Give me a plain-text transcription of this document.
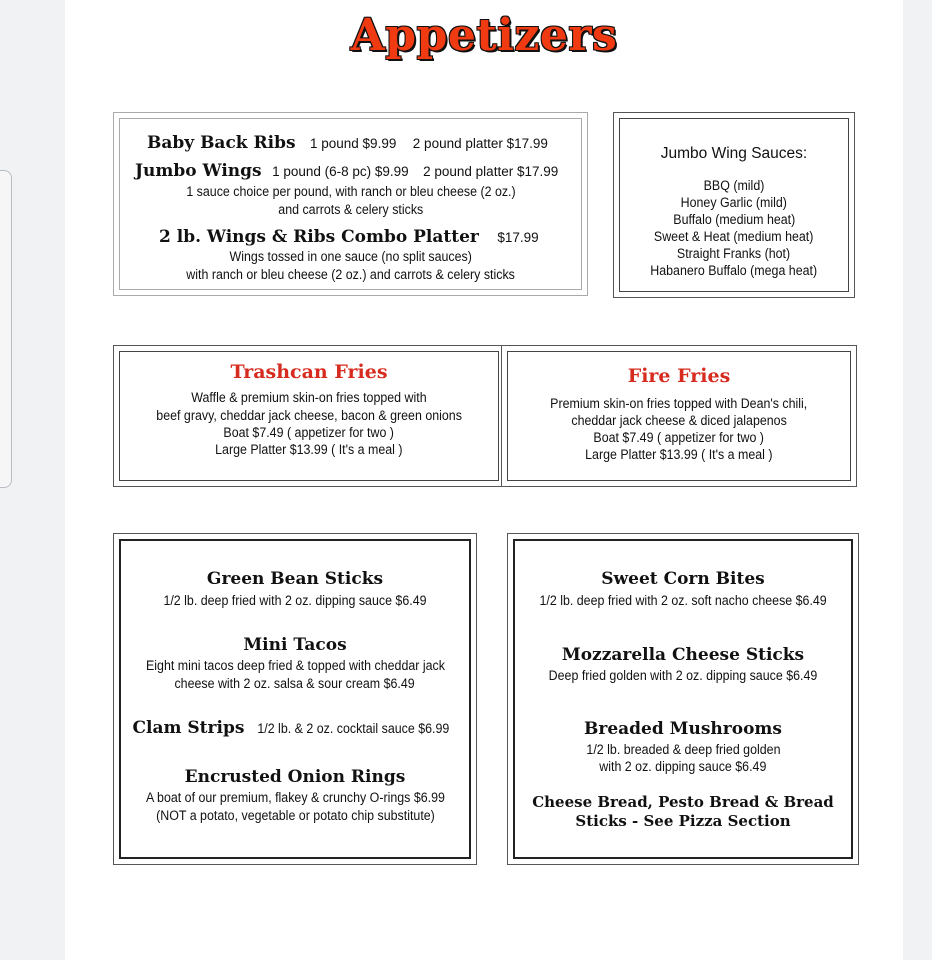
Appetizers
Baby Back Ribs 1 pound $9.99 2 pound platter $17.99
Jumbo Wings 1 pound (6-8 pc) $9.99 2 pound platter $17.99
1 sauce choice per pound, with ranch or bleu cheese (2 oz.)
and carrots & celery sticks
2 lb. Wings & Ribs Combo Platter $17.99
Wings tossed in one sauce (no split sauces)
with ranch or bleu cheese (2 oz.) and carrots & celery sticks
Jumbo Wing Sauces:
BBQ (mild)
Honey Garlic (mild)
Buffalo (medium heat)
Sweet & Heat (medium heat)
Straight Franks (hot)
Habanero Buffalo (mega heat)
Trashcan Fries
Waffle & premium skin-on fries topped with
beef gravy, cheddar jack cheese, bacon & green onions
Boat $7.49 ( appetizer for two )
Large Platter $13.99 ( It's a meal )
Fire Fries
Premium skin-on fries topped with Dean's chili,
cheddar jack cheese & diced jalapenos
Boat $7.49 ( appetizer for two )
Large Platter $13.99 ( It's a meal )
Green Bean Sticks
1/2 lb. deep fried with 2 oz. dipping sauce $6.49
Mini Tacos
Eight mini tacos deep fried & topped with cheddar jack
cheese with 2 oz. salsa & sour cream $6.49
Clam Strips 1/2 lb. & 2 oz. cocktail sauce $6.99
Encrusted Onion Rings
A boat of our premium, flakey & crunchy O-rings $6.99
(NOT a potato, vegetable or potato chip substitute)
Sweet Corn Bites
1/2 lb. deep fried with 2 oz. soft nacho cheese $6.49
Mozzarella Cheese Sticks
Deep fried golden with 2 oz. dipping sauce $6.49
Breaded Mushrooms
1/2 lb. breaded & deep fried golden
with 2 oz. dipping sauce $6.49
Cheese Bread, Pesto Bread & Bread
Sticks - See Pizza Section
